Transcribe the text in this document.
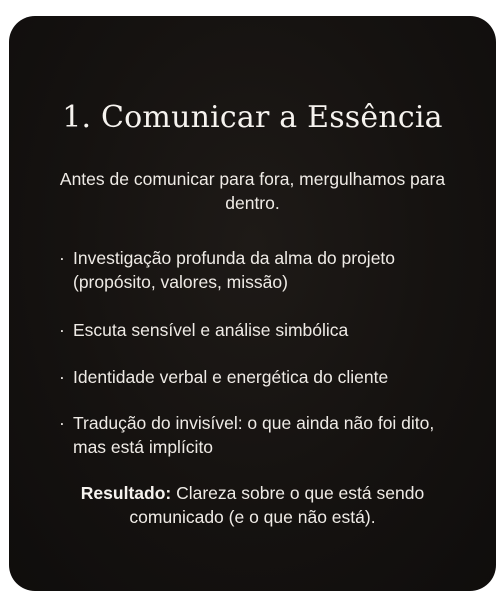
1. Comunicar a Essência

Antes de comunicar para fora, mergulhamos para dentro.

· Investigação profunda da alma do projeto (propósito, valores, missão)
· Escuta sensível e análise simbólica
· Identidade verbal e energética do cliente
· Tradução do invisível: o que ainda não foi dito, mas está implícito

Resultado: Clareza sobre o que está sendo comunicado (e o que não está).
